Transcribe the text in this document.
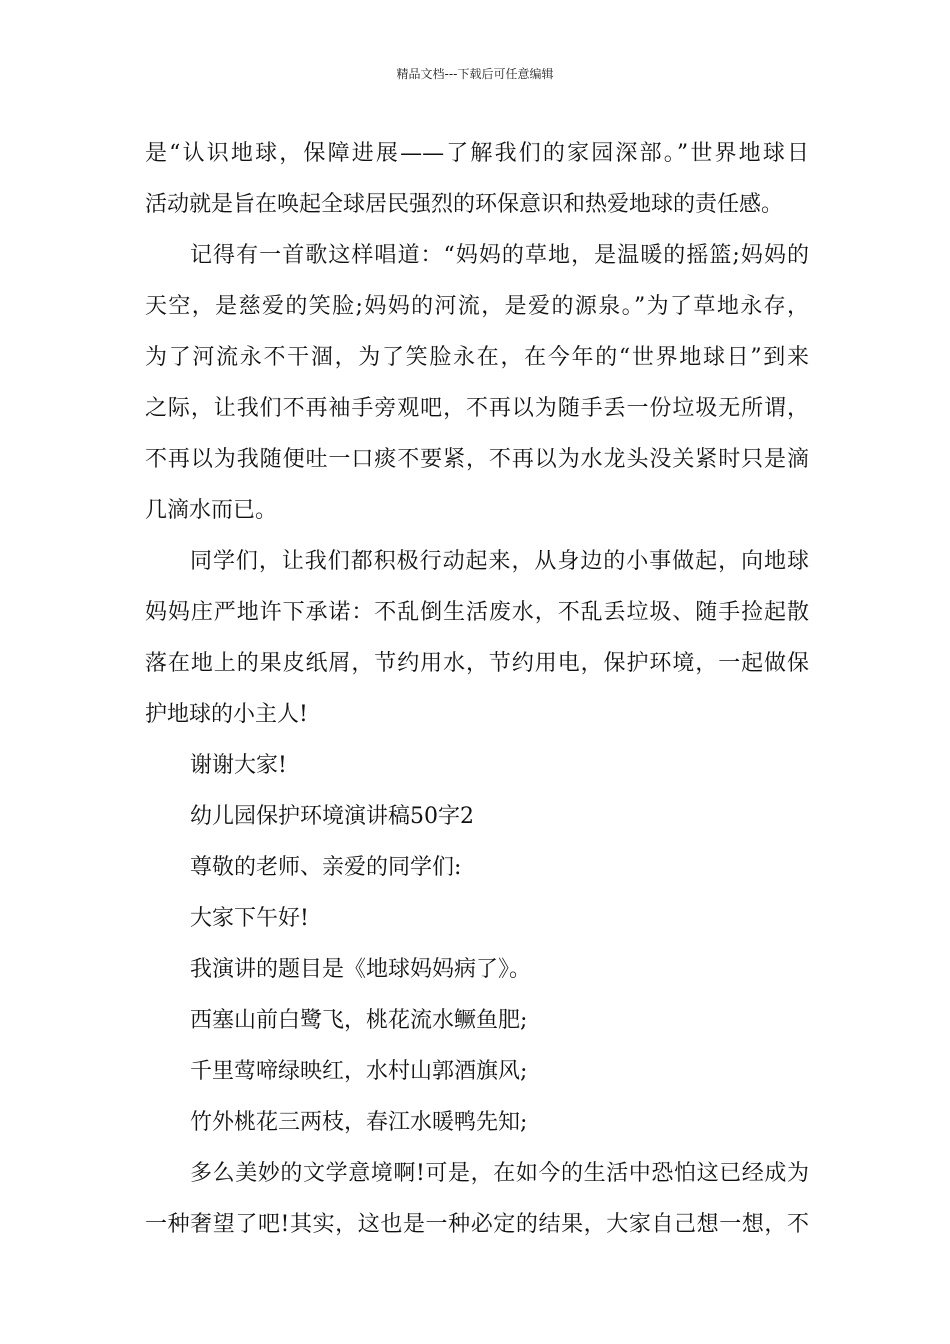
精品文档---下载后可任意编辑
是“认识地球，保障进展——了解我们的家园深部。”世界地球日
活动就是旨在唤起全球居民强烈的环保意识和热爱地球的责任感。
记得有一首歌这样唱道：“妈妈的草地，是温暖的摇篮;妈妈的
天空，是慈爱的笑脸;妈妈的河流，是爱的源泉。”为了草地永存，
为了河流永不干涸，为了笑脸永在，在今年的“世界地球日”到来
之际，让我们不再袖手旁观吧，不再以为随手丢一份垃圾无所谓，
不再以为我随便吐一口痰不要紧，不再以为水龙头没关紧时只是滴
几滴水而已。
同学们，让我们都积极行动起来，从身边的小事做起，向地球
妈妈庄严地许下承诺：不乱倒生活废水，不乱丢垃圾、随手捡起散
落在地上的果皮纸屑，节约用水，节约用电，保护环境，一起做保
护地球的小主人!
谢谢大家!
幼儿园保护环境演讲稿50字2
尊敬的老师、亲爱的同学们:
大家下午好!
我演讲的题目是《地球妈妈病了》。
西塞山前白鹭飞，桃花流水鳜鱼肥;
千里莺啼绿映红，水村山郭酒旗风;
竹外桃花三两枝，春江水暖鸭先知;
多么美妙的文学意境啊!可是，在如今的生活中恐怕这已经成为
一种奢望了吧!其实，这也是一种必定的结果，大家自己想一想，不
